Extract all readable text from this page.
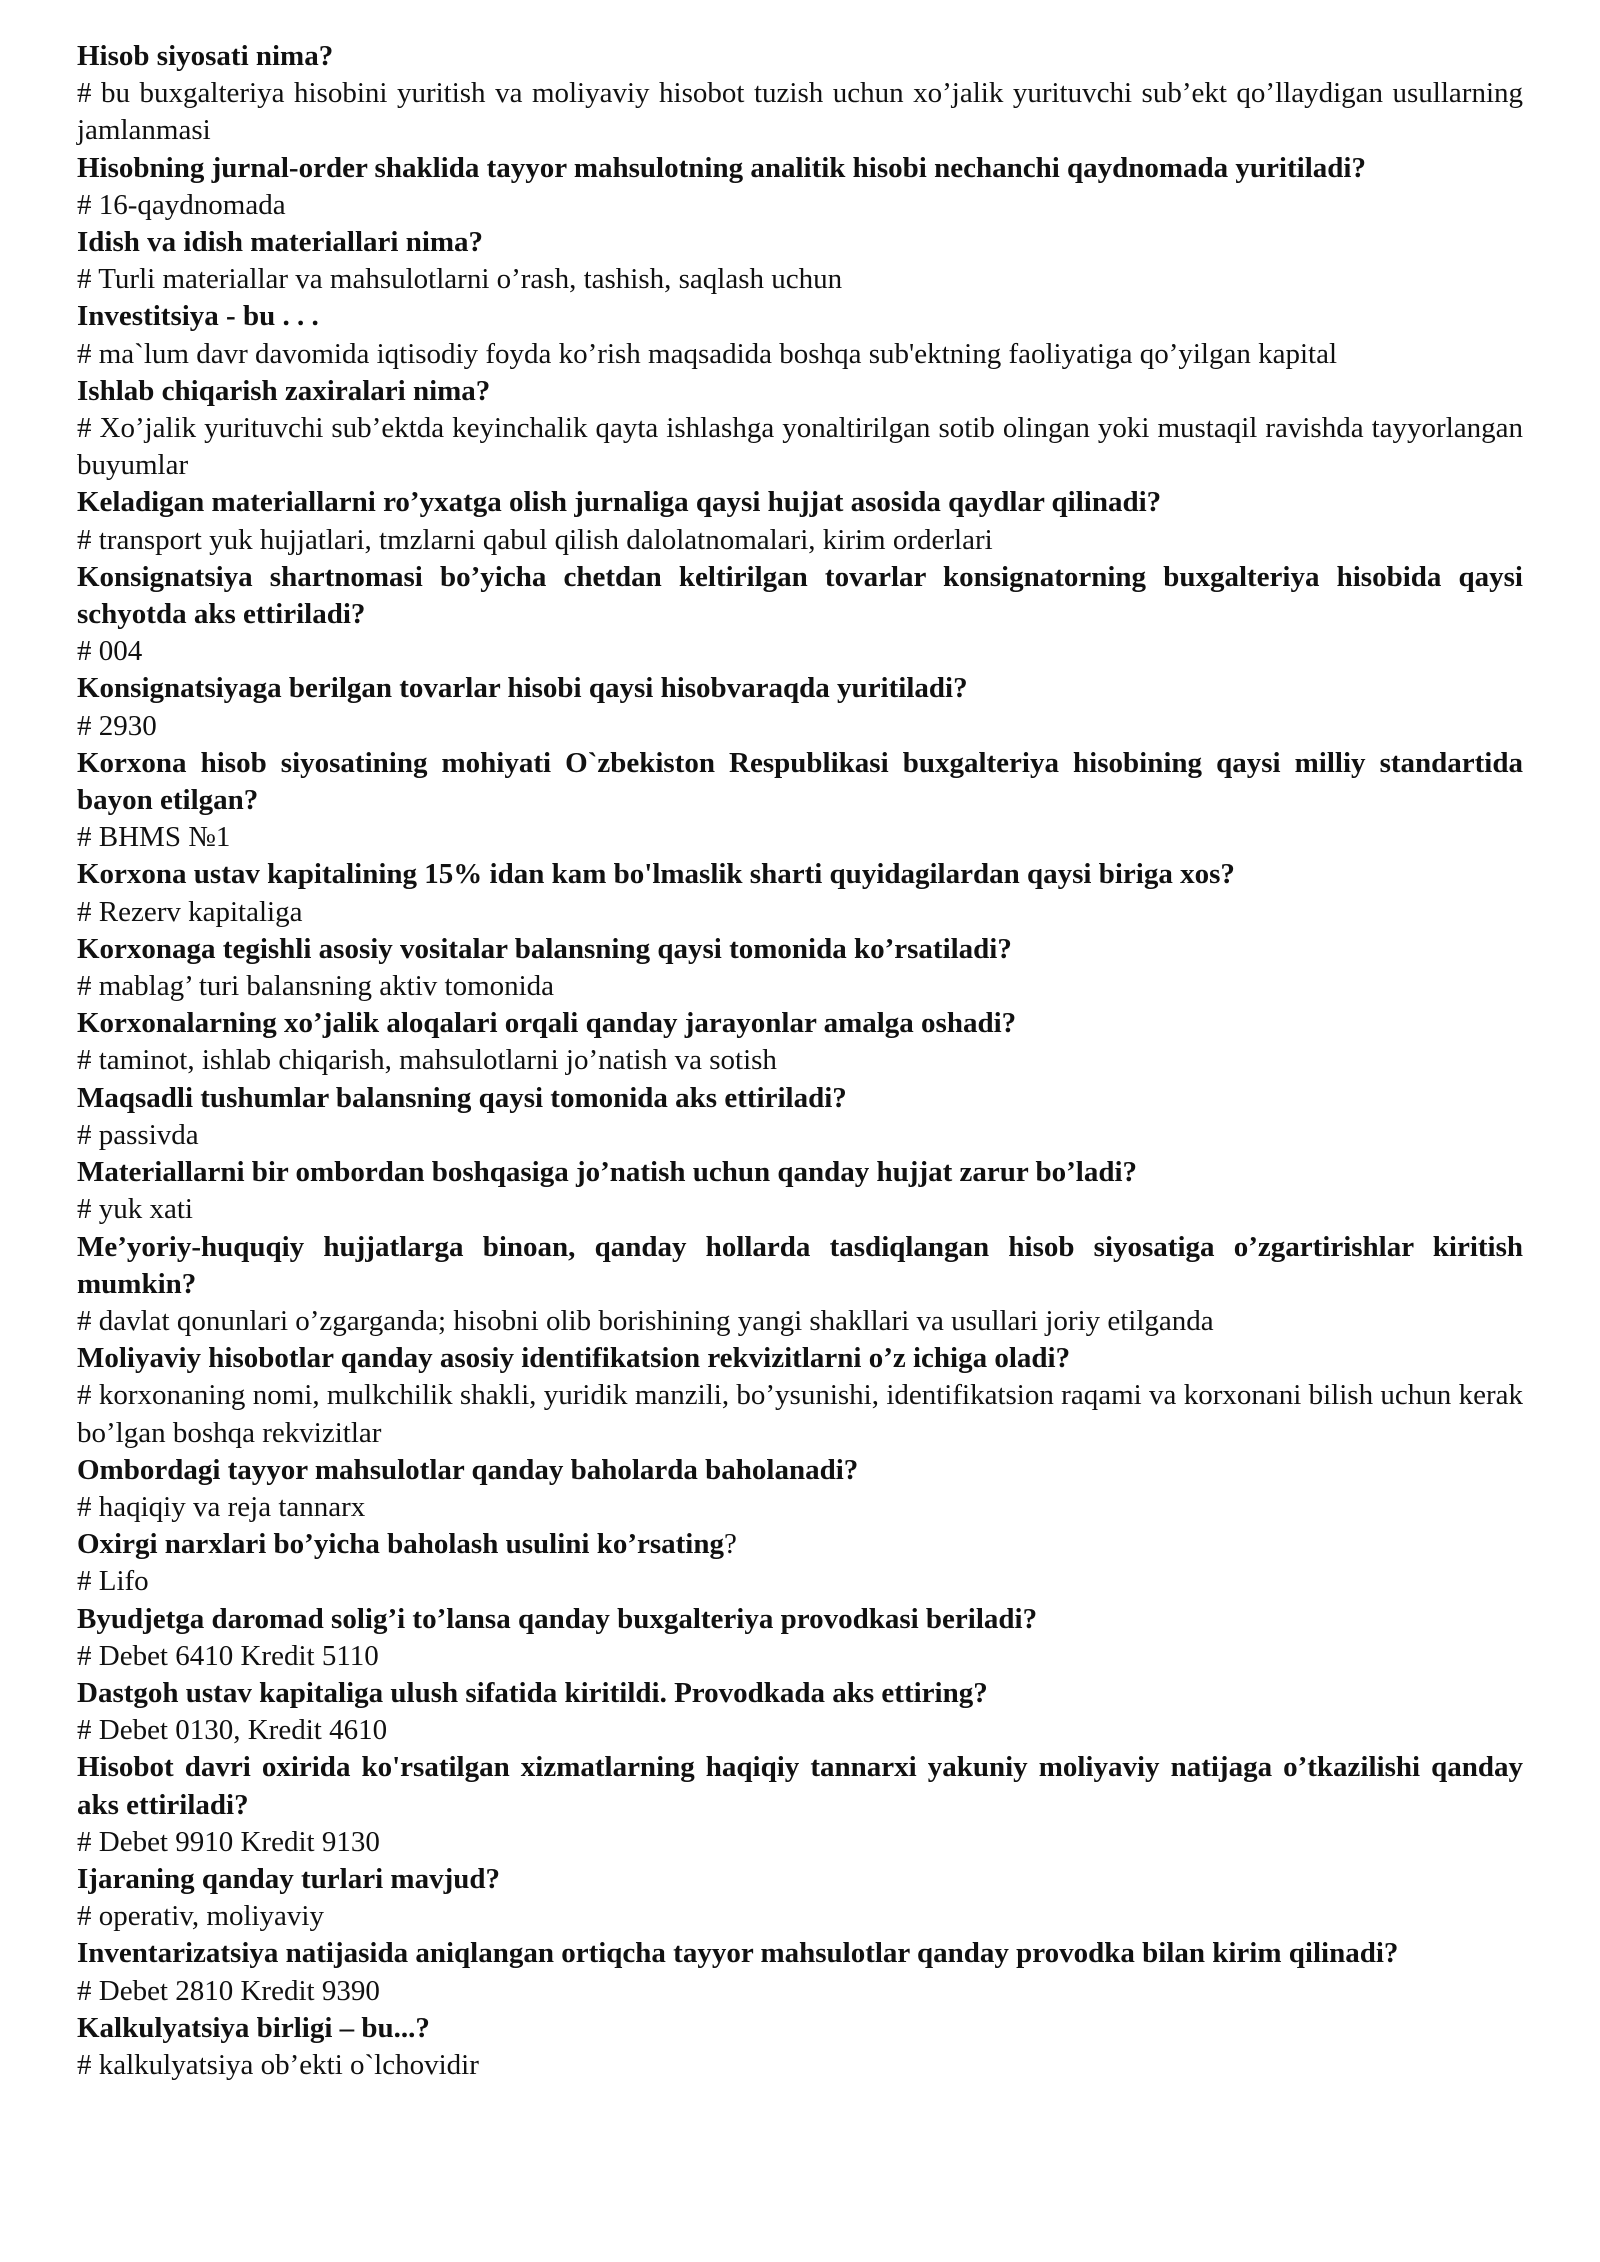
Hisob siyosati nima?

# bu buxgalteriya hisobini yuritish va moliyaviy hisobot tuzish uchun xo’jalik yurituvchi sub’ekt qo’llaydigan usullarning jamlanmasi

Hisobning jurnal-order shaklida tayyor mahsulotning analitik hisobi nechanchi qaydnomada yuritiladi?

# 16-qaydnomada

Idish va idish materiallari nima?

# Turli materiallar va mahsulotlarni o’rash, tashish, saqlash uchun

Investitsiya - bu . . .

# ma`lum davr davomida iqtisodiy foyda ko’rish maqsadida boshqa sub'ektning faoliyatiga qo’yilgan kapital

Ishlab chiqarish zaxiralari nima?

# Xo’jalik yurituvchi sub’ektda keyinchalik qayta ishlashga yonaltirilgan sotib olingan yoki mustaqil ravishda tayyorlangan buyumlar

Keladigan materiallarni ro’yxatga olish jurnaliga qaysi hujjat asosida qaydlar qilinadi?

# transport yuk hujjatlari, tmzlarni qabul qilish dalolatnomalari, kirim orderlari

Konsignatsiya shartnomasi bo’yicha chetdan keltirilgan tovarlar konsignatorning buxgalteriya hisobida qaysi schyotda aks ettiriladi?

# 004

Konsignatsiyaga berilgan tovarlar hisobi qaysi hisobvaraqda yuritiladi?

# 2930

Korxona hisob siyosatining mohiyati O`zbekiston Respublikasi buxgalteriya hisobining qaysi milliy standartida bayon etilgan?

# BHMS №1

Korxona ustav kapitalining 15% idan kam bo'lmaslik sharti quyidagilardan qaysi biriga xos?

# Rezerv kapitaliga

Korxonaga tegishli asosiy vositalar balansning qaysi tomonida ko’rsatiladi?

# mablag’ turi balansning aktiv tomonida

Korxonalarning xo’jalik aloqalari orqali qanday jarayonlar amalga oshadi?

# taminot, ishlab chiqarish, mahsulotlarni jo’natish va sotish

Maqsadli tushumlar balansning qaysi tomonida aks ettiriladi?

# passivda

Materiallarni bir ombordan boshqasiga jo’natish uchun qanday hujjat zarur bo’ladi?

# yuk xati

Me’yoriy-huquqiy hujjatlarga binoan, qanday hollarda tasdiqlangan hisob siyosatiga o’zgartirishlar kiritish mumkin?

# davlat qonunlari o’zgarganda; hisobni olib borishining yangi shakllari va usullari joriy etilganda

Moliyaviy hisobotlar qanday asosiy identifikatsion rekvizitlarni o’z ichiga oladi?

# korxonaning nomi, mulkchilik shakli, yuridik manzili, bo’ysunishi, identifikatsion raqami va korxonani bilish uchun kerak bo’lgan boshqa rekvizitlar

Ombordagi tayyor mahsulotlar qanday baholarda baholanadi?

# haqiqiy va reja tannarx

Oxirgi narxlari bo’yicha baholash usulini ko’rsating?

# Lifo

Byudjetga daromad solig’i to’lansa qanday buxgalteriya provodkasi beriladi?

# Debet 6410 Kredit 5110

Dastgoh ustav kapitaliga ulush sifatida kiritildi. Provodkada aks ettiring?

# Debet 0130, Kredit 4610

Hisobot davri oxirida ko'rsatilgan xizmatlarning haqiqiy tannarxi yakuniy moliyaviy natijaga o’tkazilishi qanday aks ettiriladi?

# Debet 9910 Kredit 9130

Ijaraning qanday turlari mavjud?

# operativ, moliyaviy

Inventarizatsiya natijasida aniqlangan ortiqcha tayyor mahsulotlar qanday provodka bilan kirim qilinadi?

# Debet 2810 Kredit 9390

Kalkulyatsiya birligi – bu...?

# kalkulyatsiya ob’ekti o`lchovidir
